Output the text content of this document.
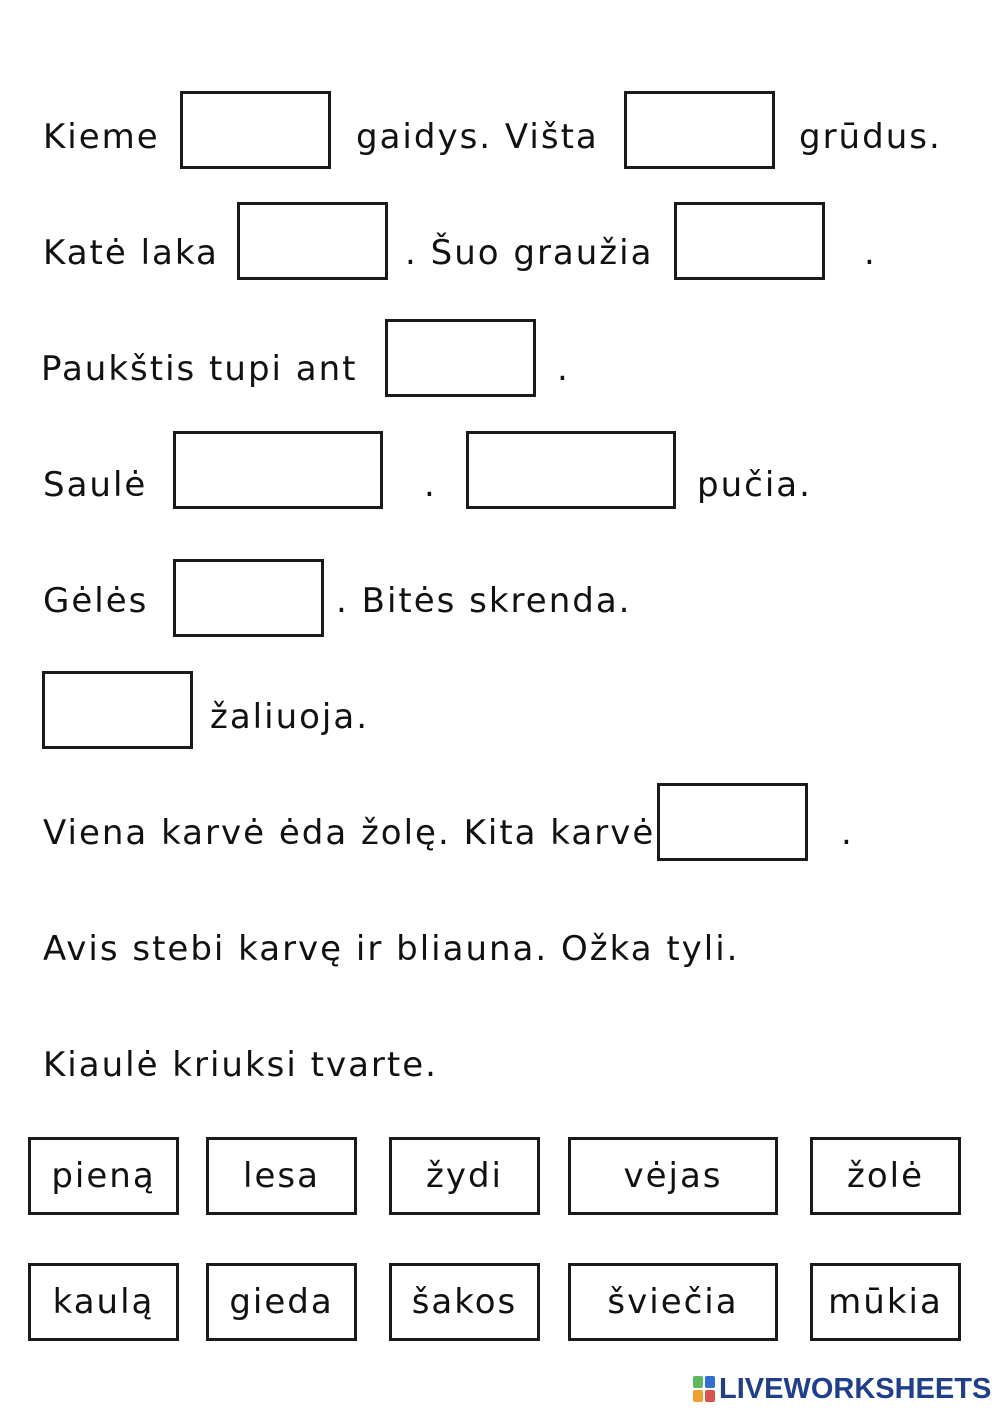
Kieme	gaidys. Višta	grūdus.
Katė laka	. Šuo graužia	.
Paukštis tupi ant	.
Saulė	.	pučia.
Gėlės	. Bitės skrenda.
žaliuoja.
Viena karvė ėda žolę. Kita karvė	.
Avis stebi karvę ir bliauna. Ožka tyli.
Kiaulė kriuksi tvarte.
pieną	lesa	žydi	vėjas	žolė
kaulą	gieda	šakos	šviečia	mūkia
LIVEWORKSHEETS
